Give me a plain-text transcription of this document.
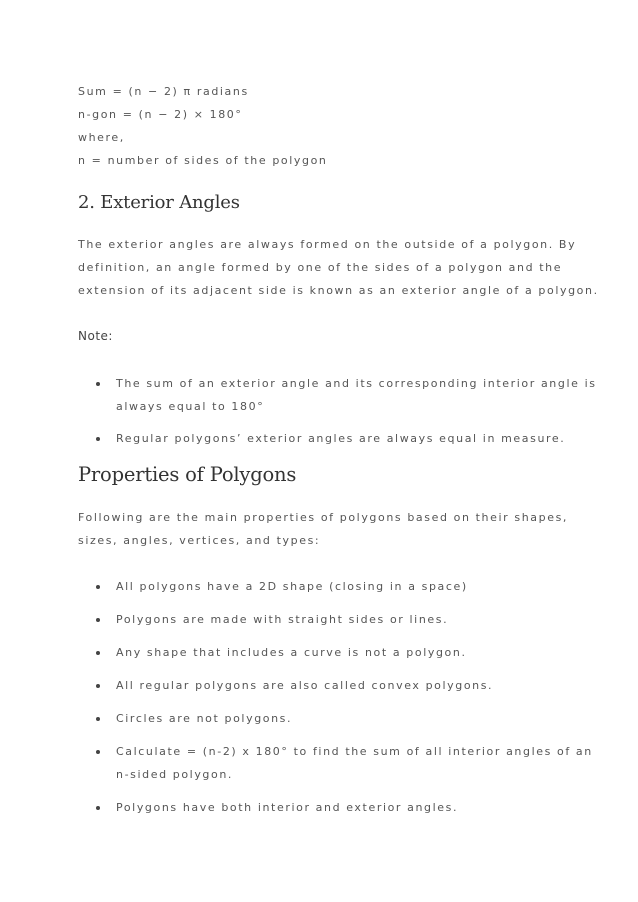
Sum = (n − 2) π radians

n-gon = (n − 2) × 180°

where,

n = number of sides of the polygon

2. Exterior Angles

The exterior angles are always formed on the outside of a polygon. By

definition, an angle formed by one of the sides of a polygon and the

extension of its adjacent side is known as an exterior angle of a polygon.

Note:

The sum of an exterior angle and its corresponding interior angle is

always equal to 180°

Regular polygons’ exterior angles are always equal in measure.

Properties of Polygons

Following are the main properties of polygons based on their shapes,

sizes, angles, vertices, and types:

All polygons have a 2D shape (closing in a space)

Polygons are made with straight sides or lines.

Any shape that includes a curve is not a polygon.

All regular polygons are also called convex polygons.

Circles are not polygons.

Calculate = (n-2) x 180° to find the sum of all interior angles of an

n-sided polygon.

Polygons have both interior and exterior angles.
